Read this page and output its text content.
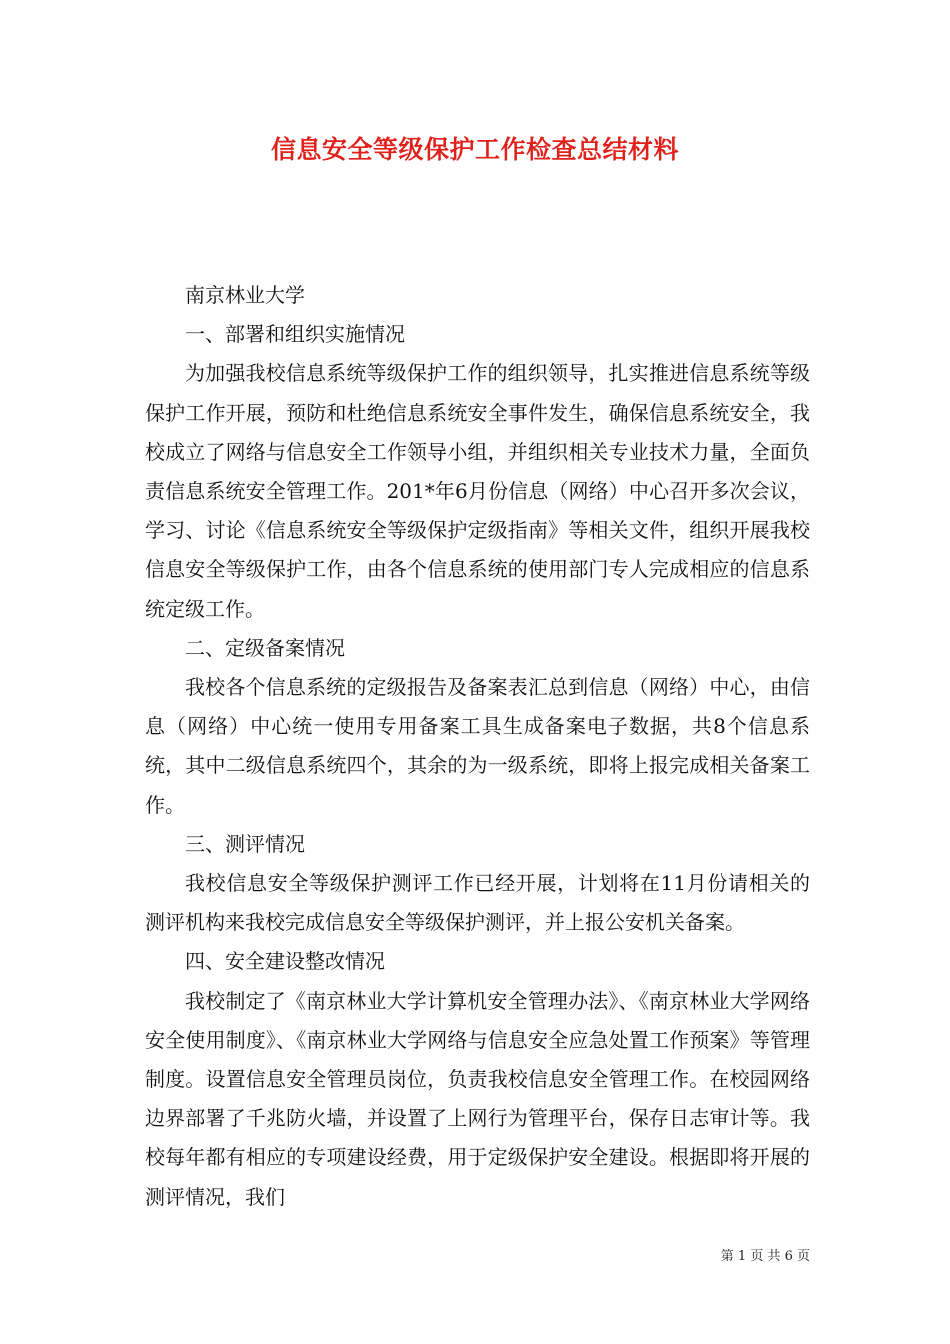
信息安全等级保护工作检查总结材料

南京林业大学

一、部署和组织实施情况

为加强我校信息系统等级保护工作的组织领导，扎实推进信息系统等级保护工作开展，预防和杜绝信息系统安全事件发生，确保信息系统安全，我校成立了网络与信息安全工作领导小组，并组织相关专业技术力量，全面负责信息系统安全管理工作。201*年6月份信息（网络）中心召开多次会议，学习、讨论《信息系统安全等级保护定级指南》等相关文件，组织开展我校信息安全等级保护工作，由各个信息系统的使用部门专人完成相应的信息系统定级工作。

二、定级备案情况

我校各个信息系统的定级报告及备案表汇总到信息（网络）中心，由信息（网络）中心统一使用专用备案工具生成备案电子数据，共8个信息系统，其中二级信息系统四个，其余的为一级系统，即将上报完成相关备案工作。

三、测评情况

我校信息安全等级保护测评工作已经开展，计划将在11月份请相关的测评机构来我校完成信息安全等级保护测评，并上报公安机关备案。

四、安全建设整改情况

我校制定了《南京林业大学计算机安全管理办法》、《南京林业大学网络安全使用制度》、《南京林业大学网络与信息安全应急处置工作预案》等管理制度。设置信息安全管理员岗位，负责我校信息安全管理工作。在校园网络边界部署了千兆防火墙，并设置了上网行为管理平台，保存日志审计等。我校每年都有相应的专项建设经费，用于定级保护安全建设。根据即将开展的测评情况，我们

第 1 页 共 6 页
